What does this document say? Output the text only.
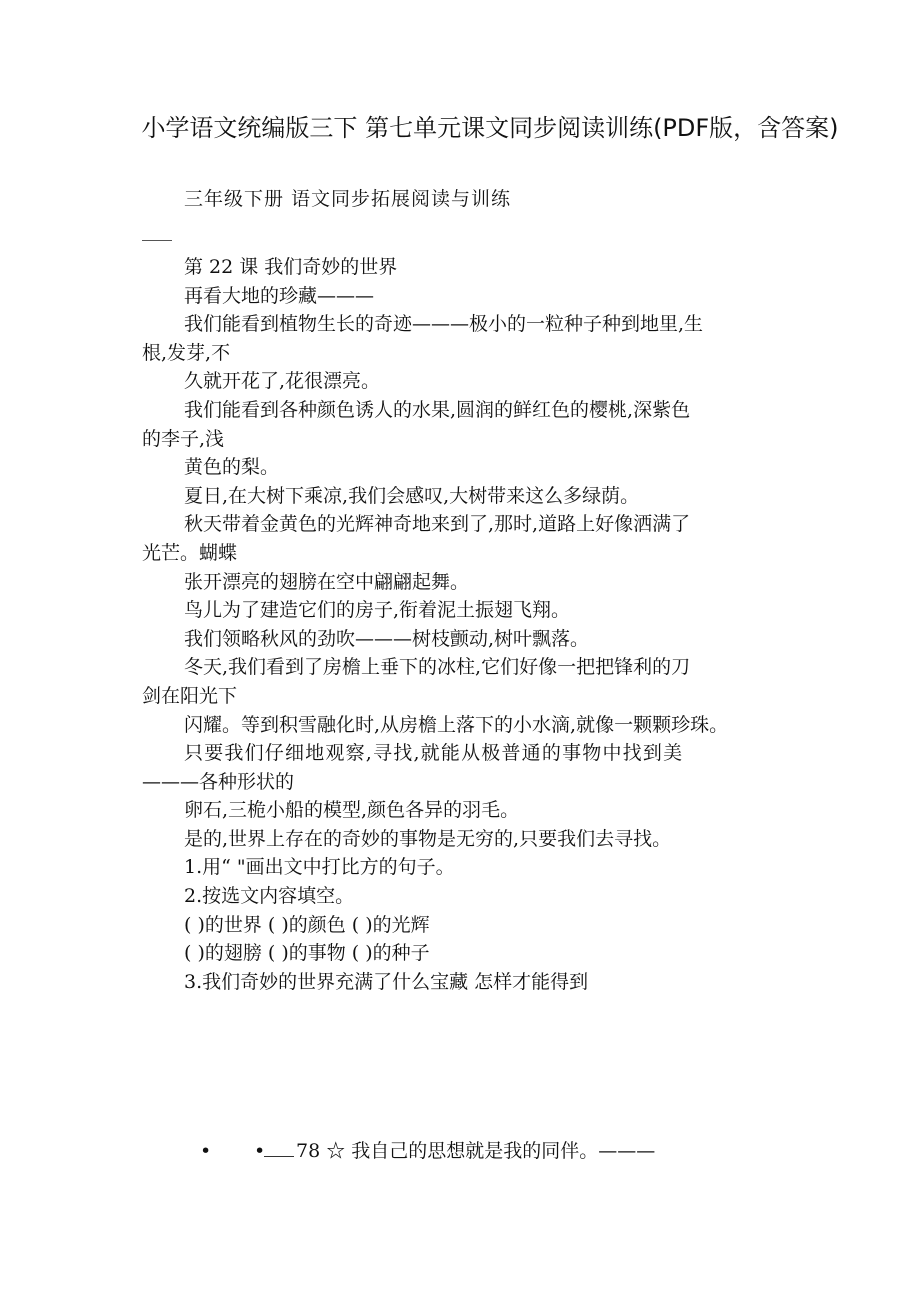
小学语文统编版三下 第七单元课文同步阅读训练(PDF版，含答案)

三年级下册 语文同步拓展阅读与训练

第 22 课 我们奇妙的世界

再看大地的珍藏———

我们能看到植物生长的奇迹———极小的一粒种子种到地里,生

根,发芽,不

久就开花了,花很漂亮。

我们能看到各种颜色诱人的水果,圆润的鲜红色的樱桃,深紫色

的李子,浅

黄色的梨。

夏日,在大树下乘凉,我们会感叹,大树带来这么多绿荫。

秋天带着金黄色的光辉神奇地来到了,那时,道路上好像洒满了

光芒。蝴蝶

张开漂亮的翅膀在空中翩翩起舞。

鸟儿为了建造它们的房子,衔着泥土振翅飞翔。

我们领略秋风的劲吹———树枝颤动,树叶飘落。

冬天,我们看到了房檐上垂下的冰柱,它们好像一把把锋利的刀

剑在阳光下

闪耀。等到积雪融化时,从房檐上落下的小水滴,就像一颗颗珍珠。

只要我们仔细地观察,寻找,就能从极普通的事物中找到美

———各种形状的

卵石,三桅小船的模型,颜色各异的羽毛。

是的,世界上存在的奇妙的事物是无穷的,只要我们去寻找。

1.用“ "画出文中打比方的句子。

2.按选文内容填空。

( )的世界 ( )的颜色 ( )的光辉

( )的翅膀 ( )的事物 ( )的种子

3.我们奇妙的世界充满了什么宝藏 怎样才能得到

• • 78 ☆ 我自己的思想就是我的同伴。———
